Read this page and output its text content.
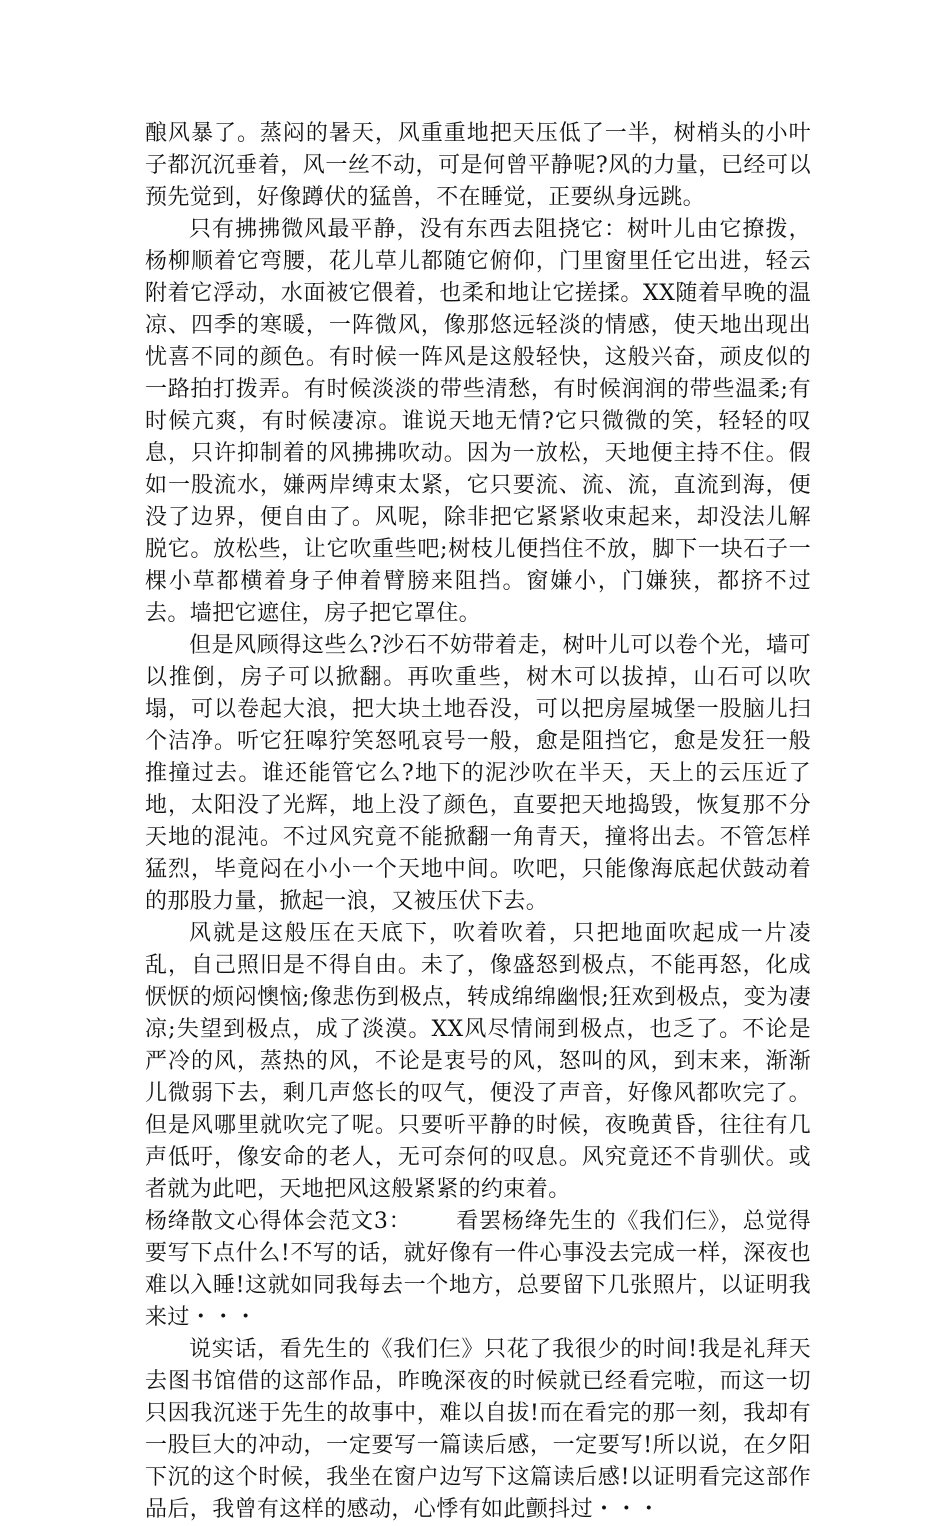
酿风暴了。蒸闷的暑天，风重重地把天压低了一半，树梢头的小叶子都沉沉垂着，风一丝不动，可是何曾平静呢?风的力量，已经可以预先觉到，好像蹲伏的猛兽，不在睡觉，正要纵身远跳。

只有拂拂微风最平静，没有东西去阻挠它：树叶儿由它撩拨，杨柳顺着它弯腰，花儿草儿都随它俯仰，门里窗里任它出进，轻云附着它浮动，水面被它偎着，也柔和地让它搓揉。XX随着早晚的温凉、四季的寒暖，一阵微风，像那悠远轻淡的情感，使天地出现出忧喜不同的颜色。有时候一阵风是这般轻快，这般兴奋，顽皮似的一路拍打拨弄。有时候淡淡的带些清愁，有时候润润的带些温柔;有时候亢爽，有时候凄凉。谁说天地无情?它只微微的笑，轻轻的叹息，只许抑制着的风拂拂吹动。因为一放松，天地便主持不住。假如一股流水，嫌两岸缚束太紧，它只要流、流、流，直流到海，便没了边界，便自由了。风呢，除非把它紧紧收束起来，却没法儿解脱它。放松些，让它吹重些吧;树枝儿便挡住不放，脚下一块石子一棵小草都横着身子伸着臂膀来阻挡。窗嫌小，门嫌狭，都挤不过去。墙把它遮住，房子把它罩住。

但是风顾得这些么?沙石不妨带着走，树叶儿可以卷个光，墙可以推倒，房子可以掀翻。再吹重些，树木可以拔掉，山石可以吹塌，可以卷起大浪，把大块土地吞没，可以把房屋城堡一股脑儿扫个洁净。听它狂嗥狞笑怒吼哀号一般，愈是阻挡它，愈是发狂一般推撞过去。谁还能管它么?地下的泥沙吹在半天，天上的云压近了地，太阳没了光辉，地上没了颜色，直要把天地捣毁，恢复那不分天地的混沌。不过风究竟不能掀翻一角青天，撞将出去。不管怎样猛烈，毕竟闷在小小一个天地中间。吹吧，只能像海底起伏鼓动着的那股力量，掀起一浪，又被压伏下去。

风就是这般压在天底下，吹着吹着，只把地面吹起成一片凌乱，自己照旧是不得自由。未了，像盛怒到极点，不能再怒，化成恹恹的烦闷懊恼;像悲伤到极点，转成绵绵幽恨;狂欢到极点，变为凄凉;失望到极点，成了淡漠。XX风尽情闹到极点，也乏了。不论是严冷的风，蒸热的风，不论是衷号的风，怒叫的风，到末来，渐渐儿微弱下去，剩几声悠长的叹气，便没了声音，好像风都吹完了。但是风哪里就吹完了呢。只要听平静的时候，夜晚黄昏，往往有几声低吁，像安命的老人，无可奈何的叹息。风究竟还不肯驯伏。或者就为此吧，天地把风这般紧紧的约束着。

杨绛散文心得体会范文3： 看罢杨绛先生的《我们仨》，总觉得要写下点什么!不写的话，就好像有一件心事没去完成一样，深夜也难以入睡!这就如同我每去一个地方，总要留下几张照片，以证明我来过・・・

说实话，看先生的《我们仨》只花了我很少的时间!我是礼拜天去图书馆借的这部作品，昨晚深夜的时候就已经看完啦，而这一切只因我沉迷于先生的故事中，难以自拔!而在看完的那一刻，我却有一股巨大的冲动，一定要写一篇读后感，一定要写!所以说，在夕阳下沉的这个时候，我坐在窗户边写下这篇读后感!以证明看完这部作品后，我曾有这样的感动，心悸有如此颤抖过・・・
